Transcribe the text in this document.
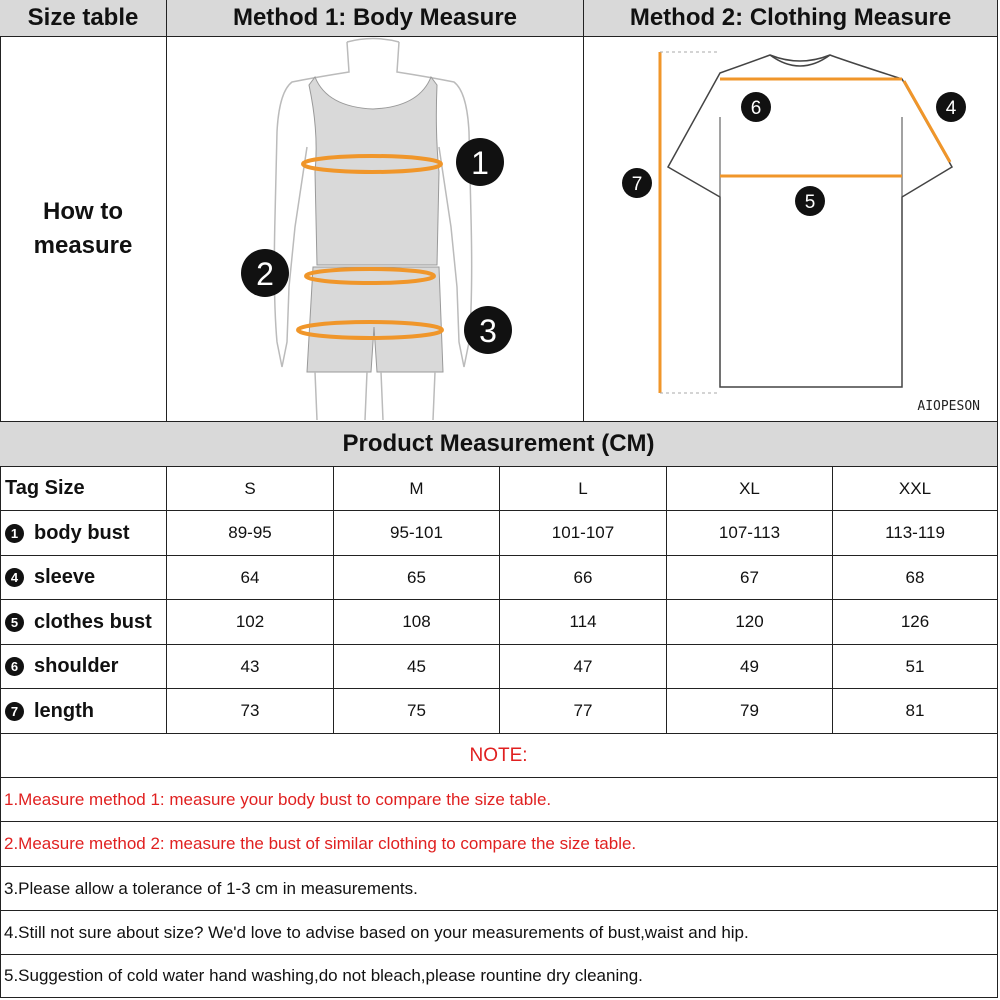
Size table	Method 1: Body Measure	Method 2: Clothing Measure
How to
measure
1
2
3
4
5
6
7
AIOPESON
Product Measurement (CM)
Tag Size	S	M	L	XL	XXL
1 body bust	89-95	95-101	101-107	107-113	113-119
4 sleeve	64	65	66	67	68
5 clothes bust	102	108	114	120	126
6 shoulder	43	45	47	49	51
7 length	73	75	77	79	81
NOTE:
1.Measure method 1: measure your body bust to compare the size table.
2.Measure method 2: measure the bust of similar clothing to compare the size table.
3.Please allow a tolerance of 1-3 cm in measurements.
4.Still not sure about size? We'd love to advise based on your measurements of bust,waist and hip.
5.Suggestion of cold water hand washing,do not bleach,please rountine dry cleaning.
